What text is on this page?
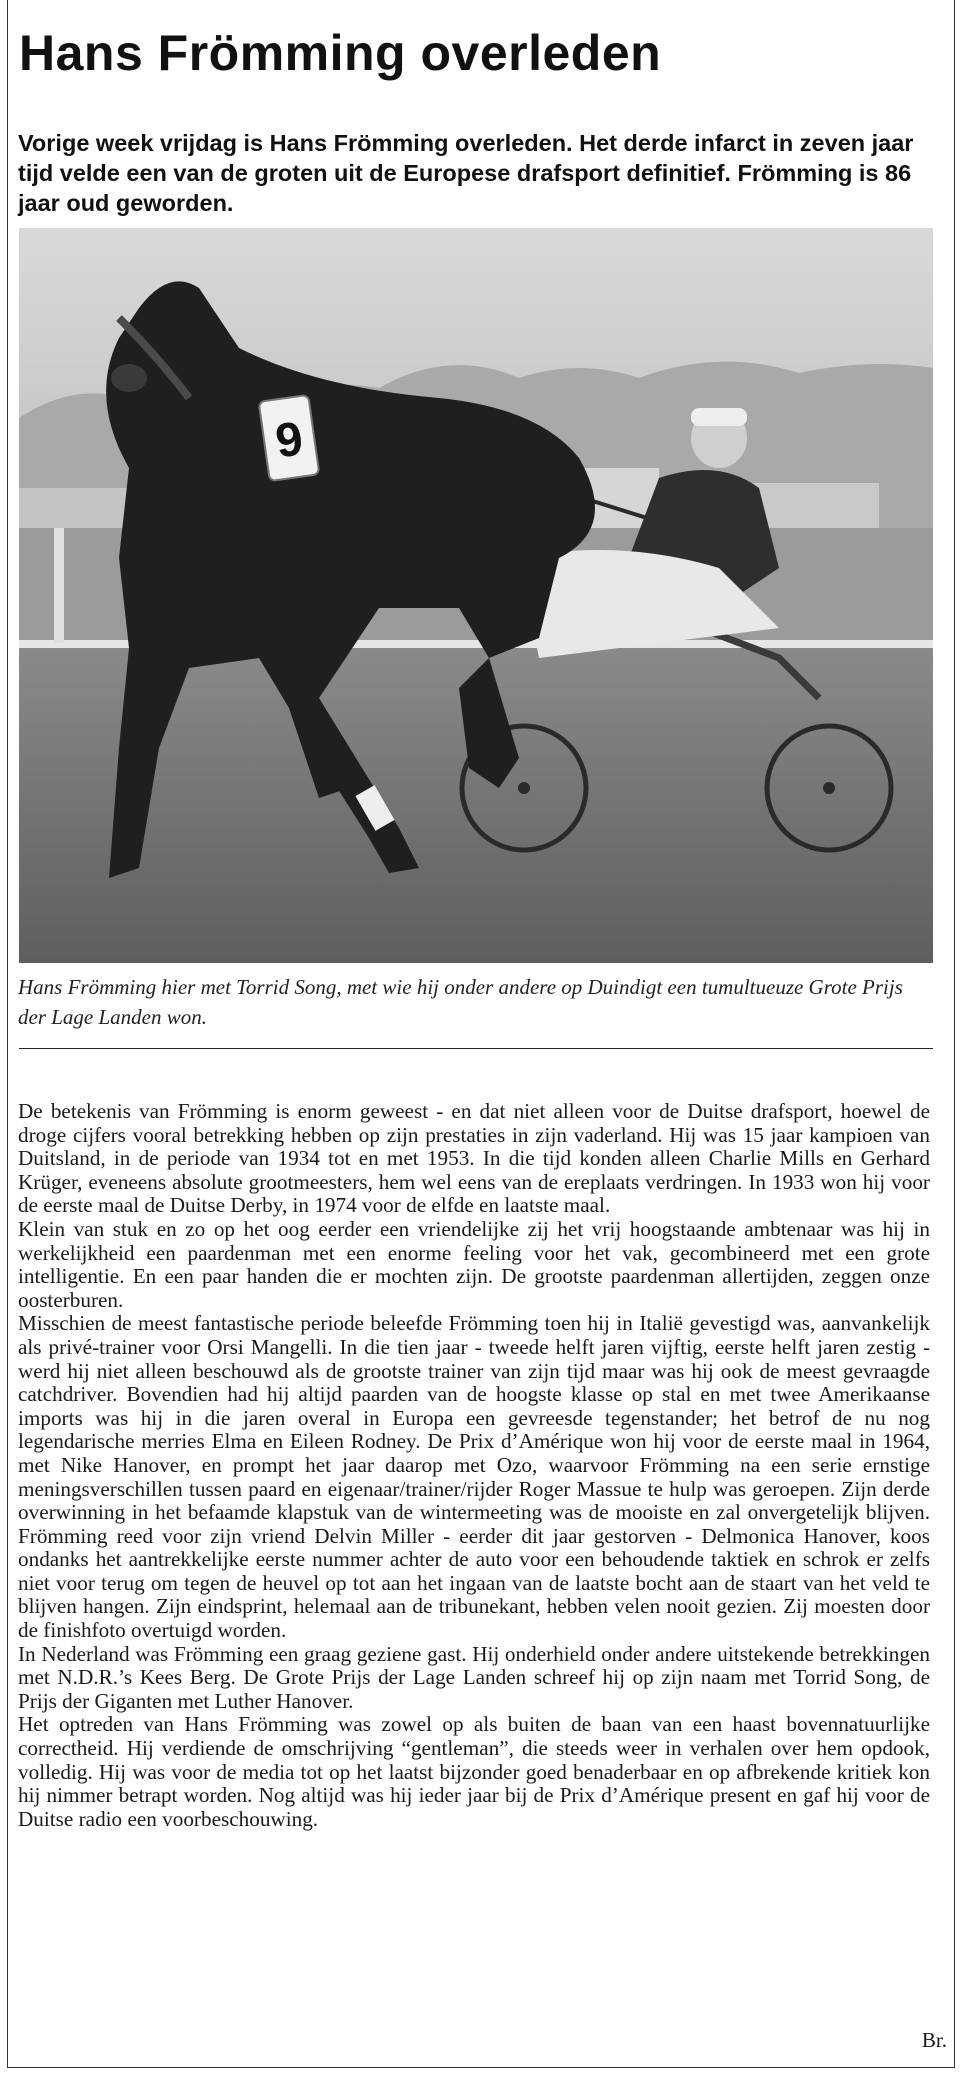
Hans Frömming overleden

Vorige week vrijdag is Hans Frömming overleden. Het derde infarct in zeven jaar tijd velde een van de groten uit de Europese drafsport definitief. Frömming is 86 jaar oud geworden.

9

Hans Frömming hier met Torrid Song, met wie hij onder andere op Duindigt een tumultueuze Grote Prijs der Lage Landen won.

De betekenis van Frömming is enorm geweest - en dat niet alleen voor de Duitse drafsport, hoewel de droge cijfers vooral betrekking hebben op zijn prestaties in zijn vaderland. Hij was 15 jaar kampioen van Duitsland, in de periode van 1934 tot en met 1953. In die tijd konden alleen Charlie Mills en Gerhard Krüger, eveneens absolute grootmeesters, hem wel eens van de ereplaats verdringen. In 1933 won hij voor de eerste maal de Duitse Derby, in 1974 voor de elfde en laatste maal.

Klein van stuk en zo op het oog eerder een vriendelijke zij het vrij hoogstaande ambtenaar was hij in werkelijkheid een paardenman met een enorme feeling voor het vak, gecombineerd met een grote intelligentie. En een paar handen die er mochten zijn. De grootste paardenman allertijden, zeggen onze oosterburen.

Misschien de meest fantastische periode beleefde Frömming toen hij in Italië gevestigd was, aanvankelijk als privé-trainer voor Orsi Mangelli. In die tien jaar - tweede helft jaren vijftig, eerste helft jaren zestig - werd hij niet alleen beschouwd als de grootste trainer van zijn tijd maar was hij ook de meest gevraagde catchdriver. Bovendien had hij altijd paarden van de hoogste klasse op stal en met twee Amerikaanse imports was hij in die jaren overal in Europa een gevreesde tegenstander; het betrof de nu nog legendarische merries Elma en Eileen Rodney. De Prix d’Amérique won hij voor de eerste maal in 1964, met Nike Hanover, en prompt het jaar daarop met Ozo, waarvoor Frömming na een serie ernstige meningsverschillen tussen paard en eigenaar/trainer/rijder Roger Massue te hulp was geroepen. Zijn derde overwinning in het befaamde klapstuk van de wintermeeting was de mooiste en zal onvergetelijk blijven. Frömming reed voor zijn vriend Delvin Miller - eerder dit jaar gestorven - Delmonica Hanover, koos ondanks het aantrekkelijke eerste nummer achter de auto voor een behoudende taktiek en schrok er zelfs niet voor terug om tegen de heuvel op tot aan het ingaan van de laatste bocht aan de staart van het veld te blijven hangen. Zijn eindsprint, helemaal aan de tribunekant, hebben velen nooit gezien. Zij moesten door de finishfoto overtuigd worden.

In Nederland was Frömming een graag geziene gast. Hij onderhield onder andere uitstekende betrekkingen met N.D.R.’s Kees Berg. De Grote Prijs der Lage Landen schreef hij op zijn naam met Torrid Song, de Prijs der Giganten met Luther Hanover.

Het optreden van Hans Frömming was zowel op als buiten de baan van een haast bovennatuurlijke correctheid. Hij verdiende de omschrijving “gentleman”, die steeds weer in verhalen over hem opdook, volledig. Hij was voor de media tot op het laatst bijzonder goed benaderbaar en op afbrekende kritiek kon hij nimmer betrapt worden. Nog altijd was hij ieder jaar bij de Prix d’Amérique present en gaf hij voor de Duitse radio een voorbeschouwing.

Br.
